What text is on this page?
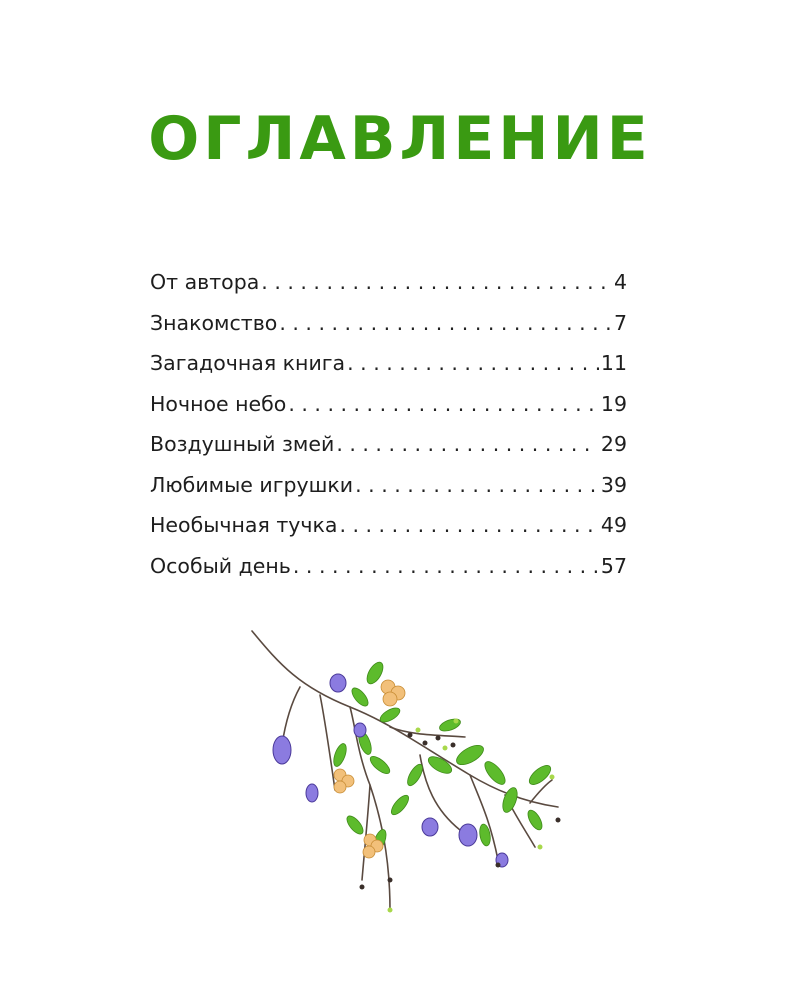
ОГЛАВЛЕНИЕ
От автора . . .	4
Знакомство . . .	7
Загадочная книга . . .	11
Ночное небо . . .	19
Воздушный змей . . .	29
Любимые игрушки . . .	39
Необычная тучка . . .	49
Особый день . . .	57
